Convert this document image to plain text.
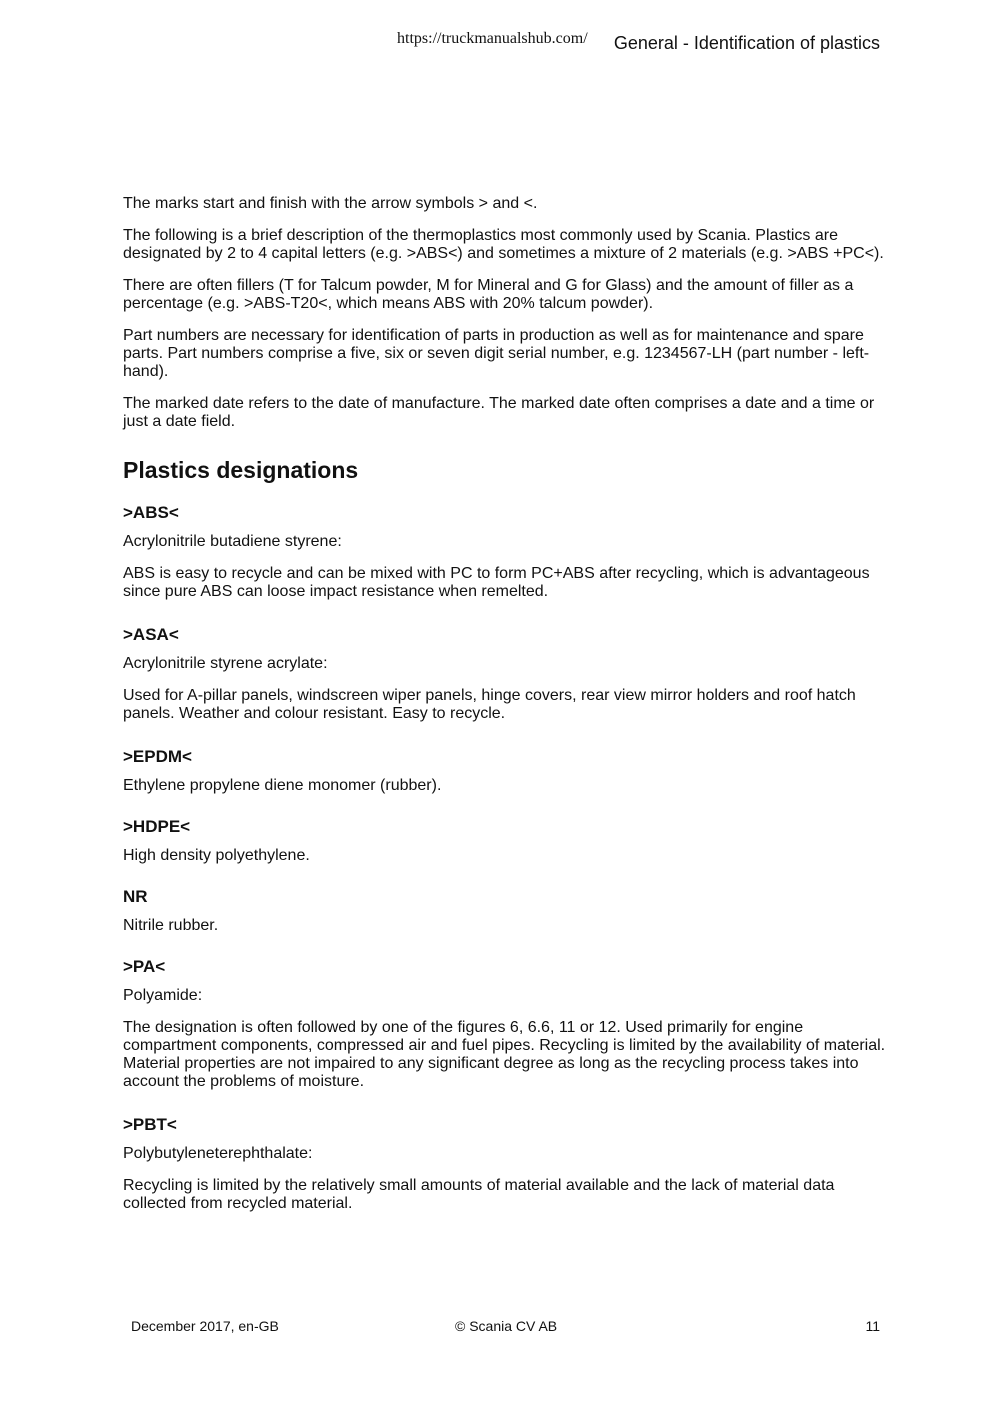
https://truckmanualshub.com/ General - Identification of plastics

The marks start and finish with the arrow symbols > and <.

The following is a brief description of the thermoplastics most commonly used by Scania. Plastics are designated by 2 to 4 capital letters (e.g. >ABS<) and sometimes a mixture of 2 materials (e.g. >ABS +PC<).

There are often fillers (T for Talcum powder, M for Mineral and G for Glass) and the amount of filler as a percentage (e.g. >ABS-T20<, which means ABS with 20% talcum powder).

Part numbers are necessary for identification of parts in production as well as for maintenance and spare parts. Part numbers comprise a five, six or seven digit serial number, e.g. 1234567-LH (part number - left-hand).

The marked date refers to the date of manufacture. The marked date often comprises a date and a time or just a date field.

Plastics designations
>ABS<

Acrylonitrile butadiene styrene:

ABS is easy to recycle and can be mixed with PC to form PC+ABS after recycling, which is advantageous since pure ABS can loose impact resistance when remelted.

>ASA<

Acrylonitrile styrene acrylate:

Used for A-pillar panels, windscreen wiper panels, hinge covers, rear view mirror holders and roof hatch panels. Weather and colour resistant. Easy to recycle.

>EPDM<

Ethylene propylene diene monomer (rubber).

>HDPE<

High density polyethylene.

NR

Nitrile rubber.

>PA<

Polyamide:

The designation is often followed by one of the figures 6, 6.6, 11 or 12. Used primarily for engine compartment components, compressed air and fuel pipes. Recycling is limited by the availability of material. Material properties are not impaired to any significant degree as long as the recycling process takes into account the problems of moisture.

>PBT<

Polybutyleneterephthalate:

Recycling is limited by the relatively small amounts of material available and the lack of material data collected from recycled material.

December 2017, en-GB	© Scania CV AB	11
